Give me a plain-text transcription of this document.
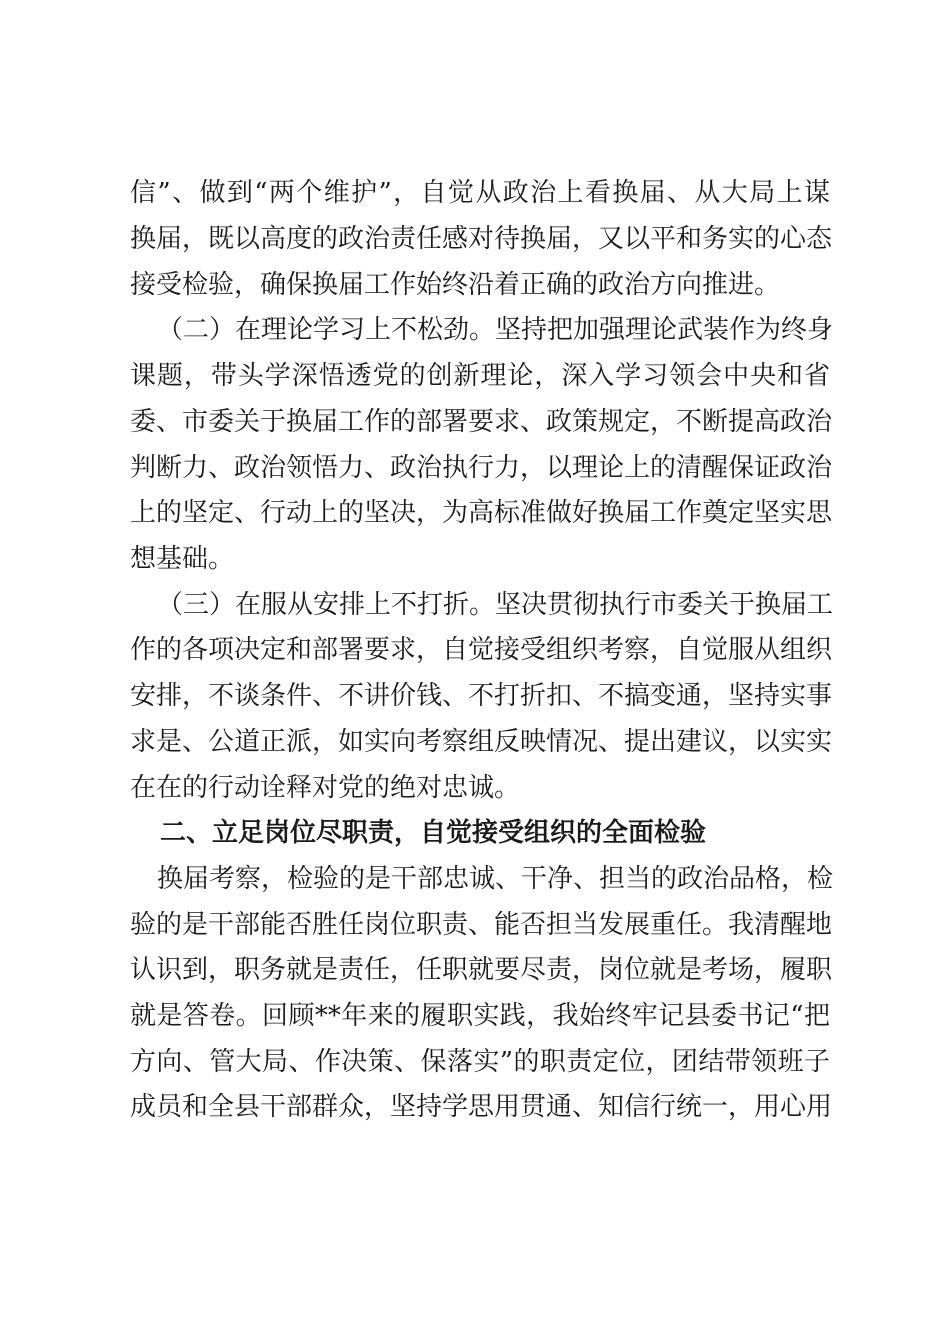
信”、做到“两个维护”，自觉从政治上看换届、从大局上谋
换届，既以高度的政治责任感对待换届，又以平和务实的心态
接受检验，确保换届工作始终沿着正确的政治方向推进。
（二）在理论学习上不松劲。坚持把加强理论武装作为终身
课题，带头学深悟透党的创新理论，深入学习领会中央和省
委、市委关于换届工作的部署要求、政策规定，不断提高政治
判断力、政治领悟力、政治执行力，以理论上的清醒保证政治
上的坚定、行动上的坚决，为高标准做好换届工作奠定坚实思
想基础。
（三）在服从安排上不打折。坚决贯彻执行市委关于换届工
作的各项决定和部署要求，自觉接受组织考察，自觉服从组织
安排，不谈条件、不讲价钱、不打折扣、不搞变通，坚持实事
求是、公道正派，如实向考察组反映情况、提出建议，以实实
在在的行动诠释对党的绝对忠诚。
二、立足岗位尽职责，自觉接受组织的全面检验
换届考察，检验的是干部忠诚、干净、担当的政治品格，检
验的是干部能否胜任岗位职责、能否担当发展重任。我清醒地
认识到，职务就是责任，任职就要尽责，岗位就是考场，履职
就是答卷。回顾**年来的履职实践，我始终牢记县委书记“把
方向、管大局、作决策、保落实”的职责定位，团结带领班子
成员和全县干部群众，坚持学思用贯通、知信行统一，用心用
